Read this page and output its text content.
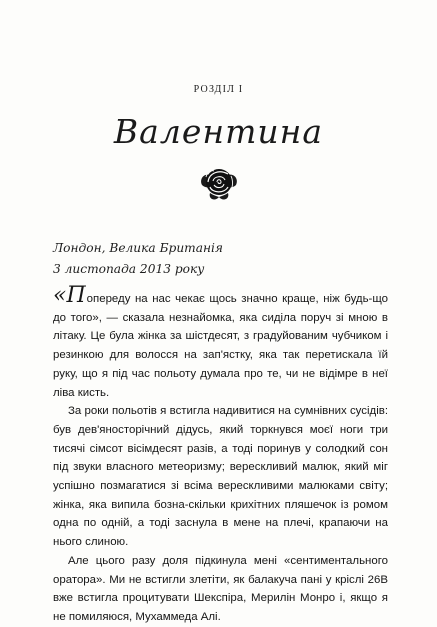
РОЗДІЛ І
Валентина
Лондон, Велика Британія
3 листопада 2013 року

«Попереду на нас чекає щось значно краще, ніж будь-що до того», — сказала незнайомка, яка сиділа поруч зі мною в літаку. Це була жінка за шістдесят, з градуйованим чубчиком і резинкою для волосся на зап'ястку, яка так перетискала їй руку, що я під час польоту думала про те, чи не відімре в неї ліва кисть.

За роки польотів я встигла надивитися на сумнівних сусідів: був дев'яносторічний дідусь, який торкнувся моєї ноги три тисячі сімсот вісімдесят разів, а тоді поринув у солодкий сон під звуки власного метеоризму; верескливий малюк, який міг успішно позмагатися зі всіма верескливими малюками світу; жінка, яка випила бозна-скільки крихітних пляшечок із ромом одна по одній, а тоді заснула в мене на плечі, крапаючи на нього слиною.

Але цього разу доля підкинула мені «сентиментального оратора». Ми не встигли злетіти, як балакуча пані у кріслі 26B вже встигла процитувати Шекспіра, Мерилін Монро і, якщо я не помиляюся, Мухаммеда Алі.
